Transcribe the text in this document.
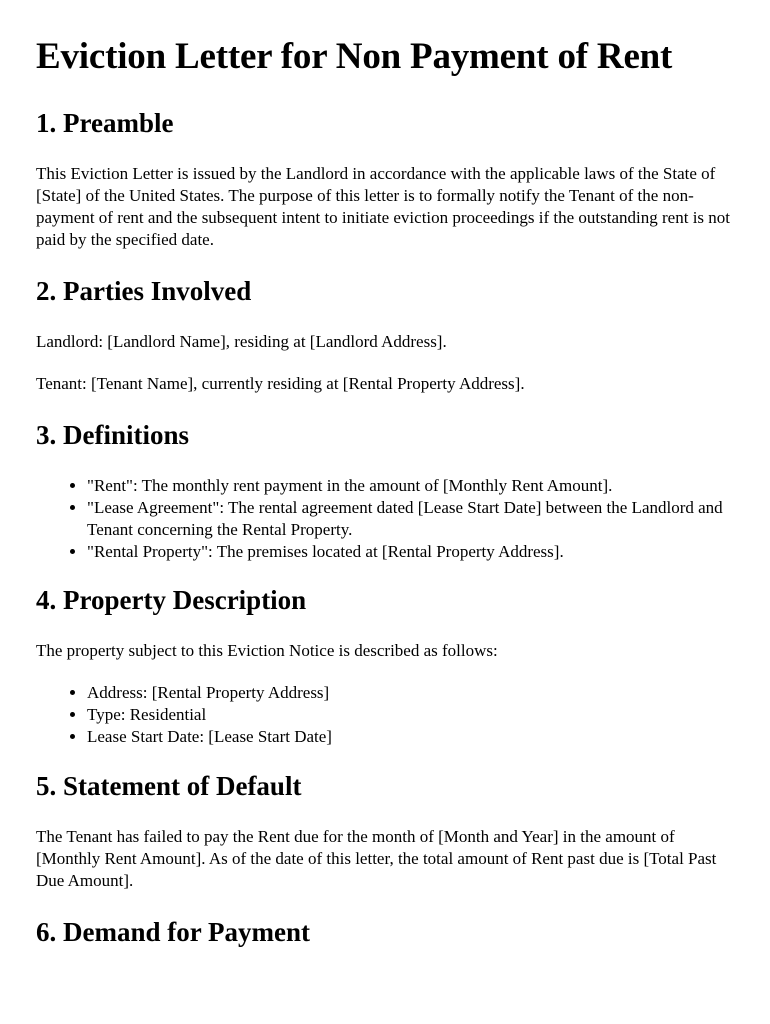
Eviction Letter for Non Payment of Rent
1. Preamble

This Eviction Letter is issued by the Landlord in accordance with the applicable laws of the State of [State] of the United States. The purpose of this letter is to formally notify the Tenant of the non-payment of rent and the subsequent intent to initiate eviction proceedings if the outstanding rent is not paid by the specified date.

2. Parties Involved

Landlord: [Landlord Name], residing at [Landlord Address].

Tenant: [Tenant Name], currently residing at [Rental Property Address].

3. Definitions
• "Rent": The monthly rent payment in the amount of [Monthly Rent Amount].
• "Lease Agreement": The rental agreement dated [Lease Start Date] between the Landlord and Tenant concerning the Rental Property.
• "Rental Property": The premises located at [Rental Property Address].
4. Property Description

The property subject to this Eviction Notice is described as follows:

• Address: [Rental Property Address]
• Type: Residential
• Lease Start Date: [Lease Start Date]
5. Statement of Default

The Tenant has failed to pay the Rent due for the month of [Month and Year] in the amount of [Monthly Rent Amount]. As of the date of this letter, the total amount of Rent past due is [Total Past Due Amount].

6. Demand for Payment
